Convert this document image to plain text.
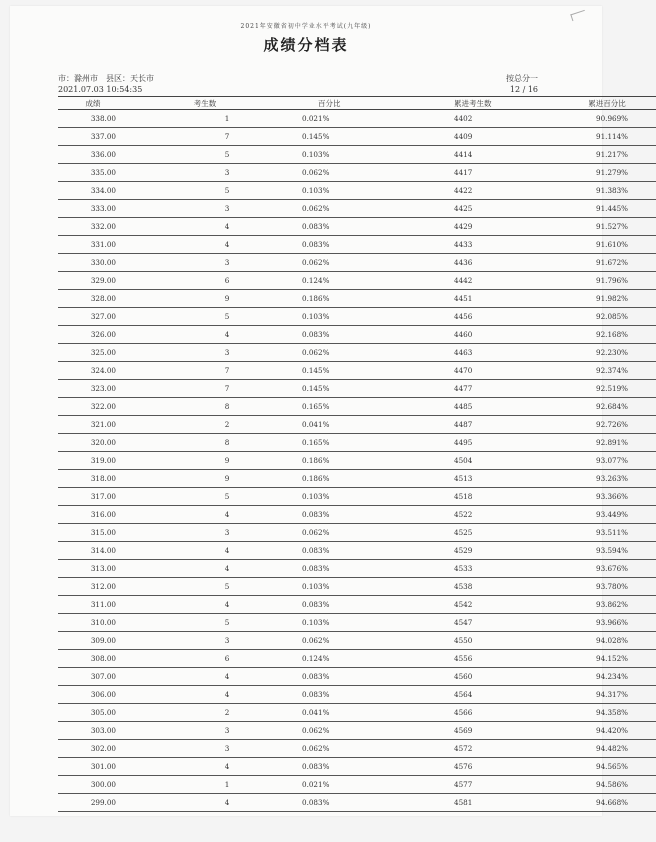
2021年安徽省初中学业水平考试(九年级)
成绩分档表
市：滁州市 县区：天长市
2021.07.03 10:54:35
按总分一
12 / 16
成绩	考生数	百分比	累进考生数	累进百分比
338.00	1	0.021%	4402	90.969%
337.00	7	0.145%	4409	91.114%
336.00	5	0.103%	4414	91.217%
335.00	3	0.062%	4417	91.279%
334.00	5	0.103%	4422	91.383%
333.00	3	0.062%	4425	91.445%
332.00	4	0.083%	4429	91.527%
331.00	4	0.083%	4433	91.610%
330.00	3	0.062%	4436	91.672%
329.00	6	0.124%	4442	91.796%
328.00	9	0.186%	4451	91.982%
327.00	5	0.103%	4456	92.085%
326.00	4	0.083%	4460	92.168%
325.00	3	0.062%	4463	92.230%
324.00	7	0.145%	4470	92.374%
323.00	7	0.145%	4477	92.519%
322.00	8	0.165%	4485	92.684%
321.00	2	0.041%	4487	92.726%
320.00	8	0.165%	4495	92.891%
319.00	9	0.186%	4504	93.077%
318.00	9	0.186%	4513	93.263%
317.00	5	0.103%	4518	93.366%
316.00	4	0.083%	4522	93.449%
315.00	3	0.062%	4525	93.511%
314.00	4	0.083%	4529	93.594%
313.00	4	0.083%	4533	93.676%
312.00	5	0.103%	4538	93.780%
311.00	4	0.083%	4542	93.862%
310.00	5	0.103%	4547	93.966%
309.00	3	0.062%	4550	94.028%
308.00	6	0.124%	4556	94.152%
307.00	4	0.083%	4560	94.234%
306.00	4	0.083%	4564	94.317%
305.00	2	0.041%	4566	94.358%
303.00	3	0.062%	4569	94.420%
302.00	3	0.062%	4572	94.482%
301.00	4	0.083%	4576	94.565%
300.00	1	0.021%	4577	94.586%
299.00	4	0.083%	4581	94.668%
